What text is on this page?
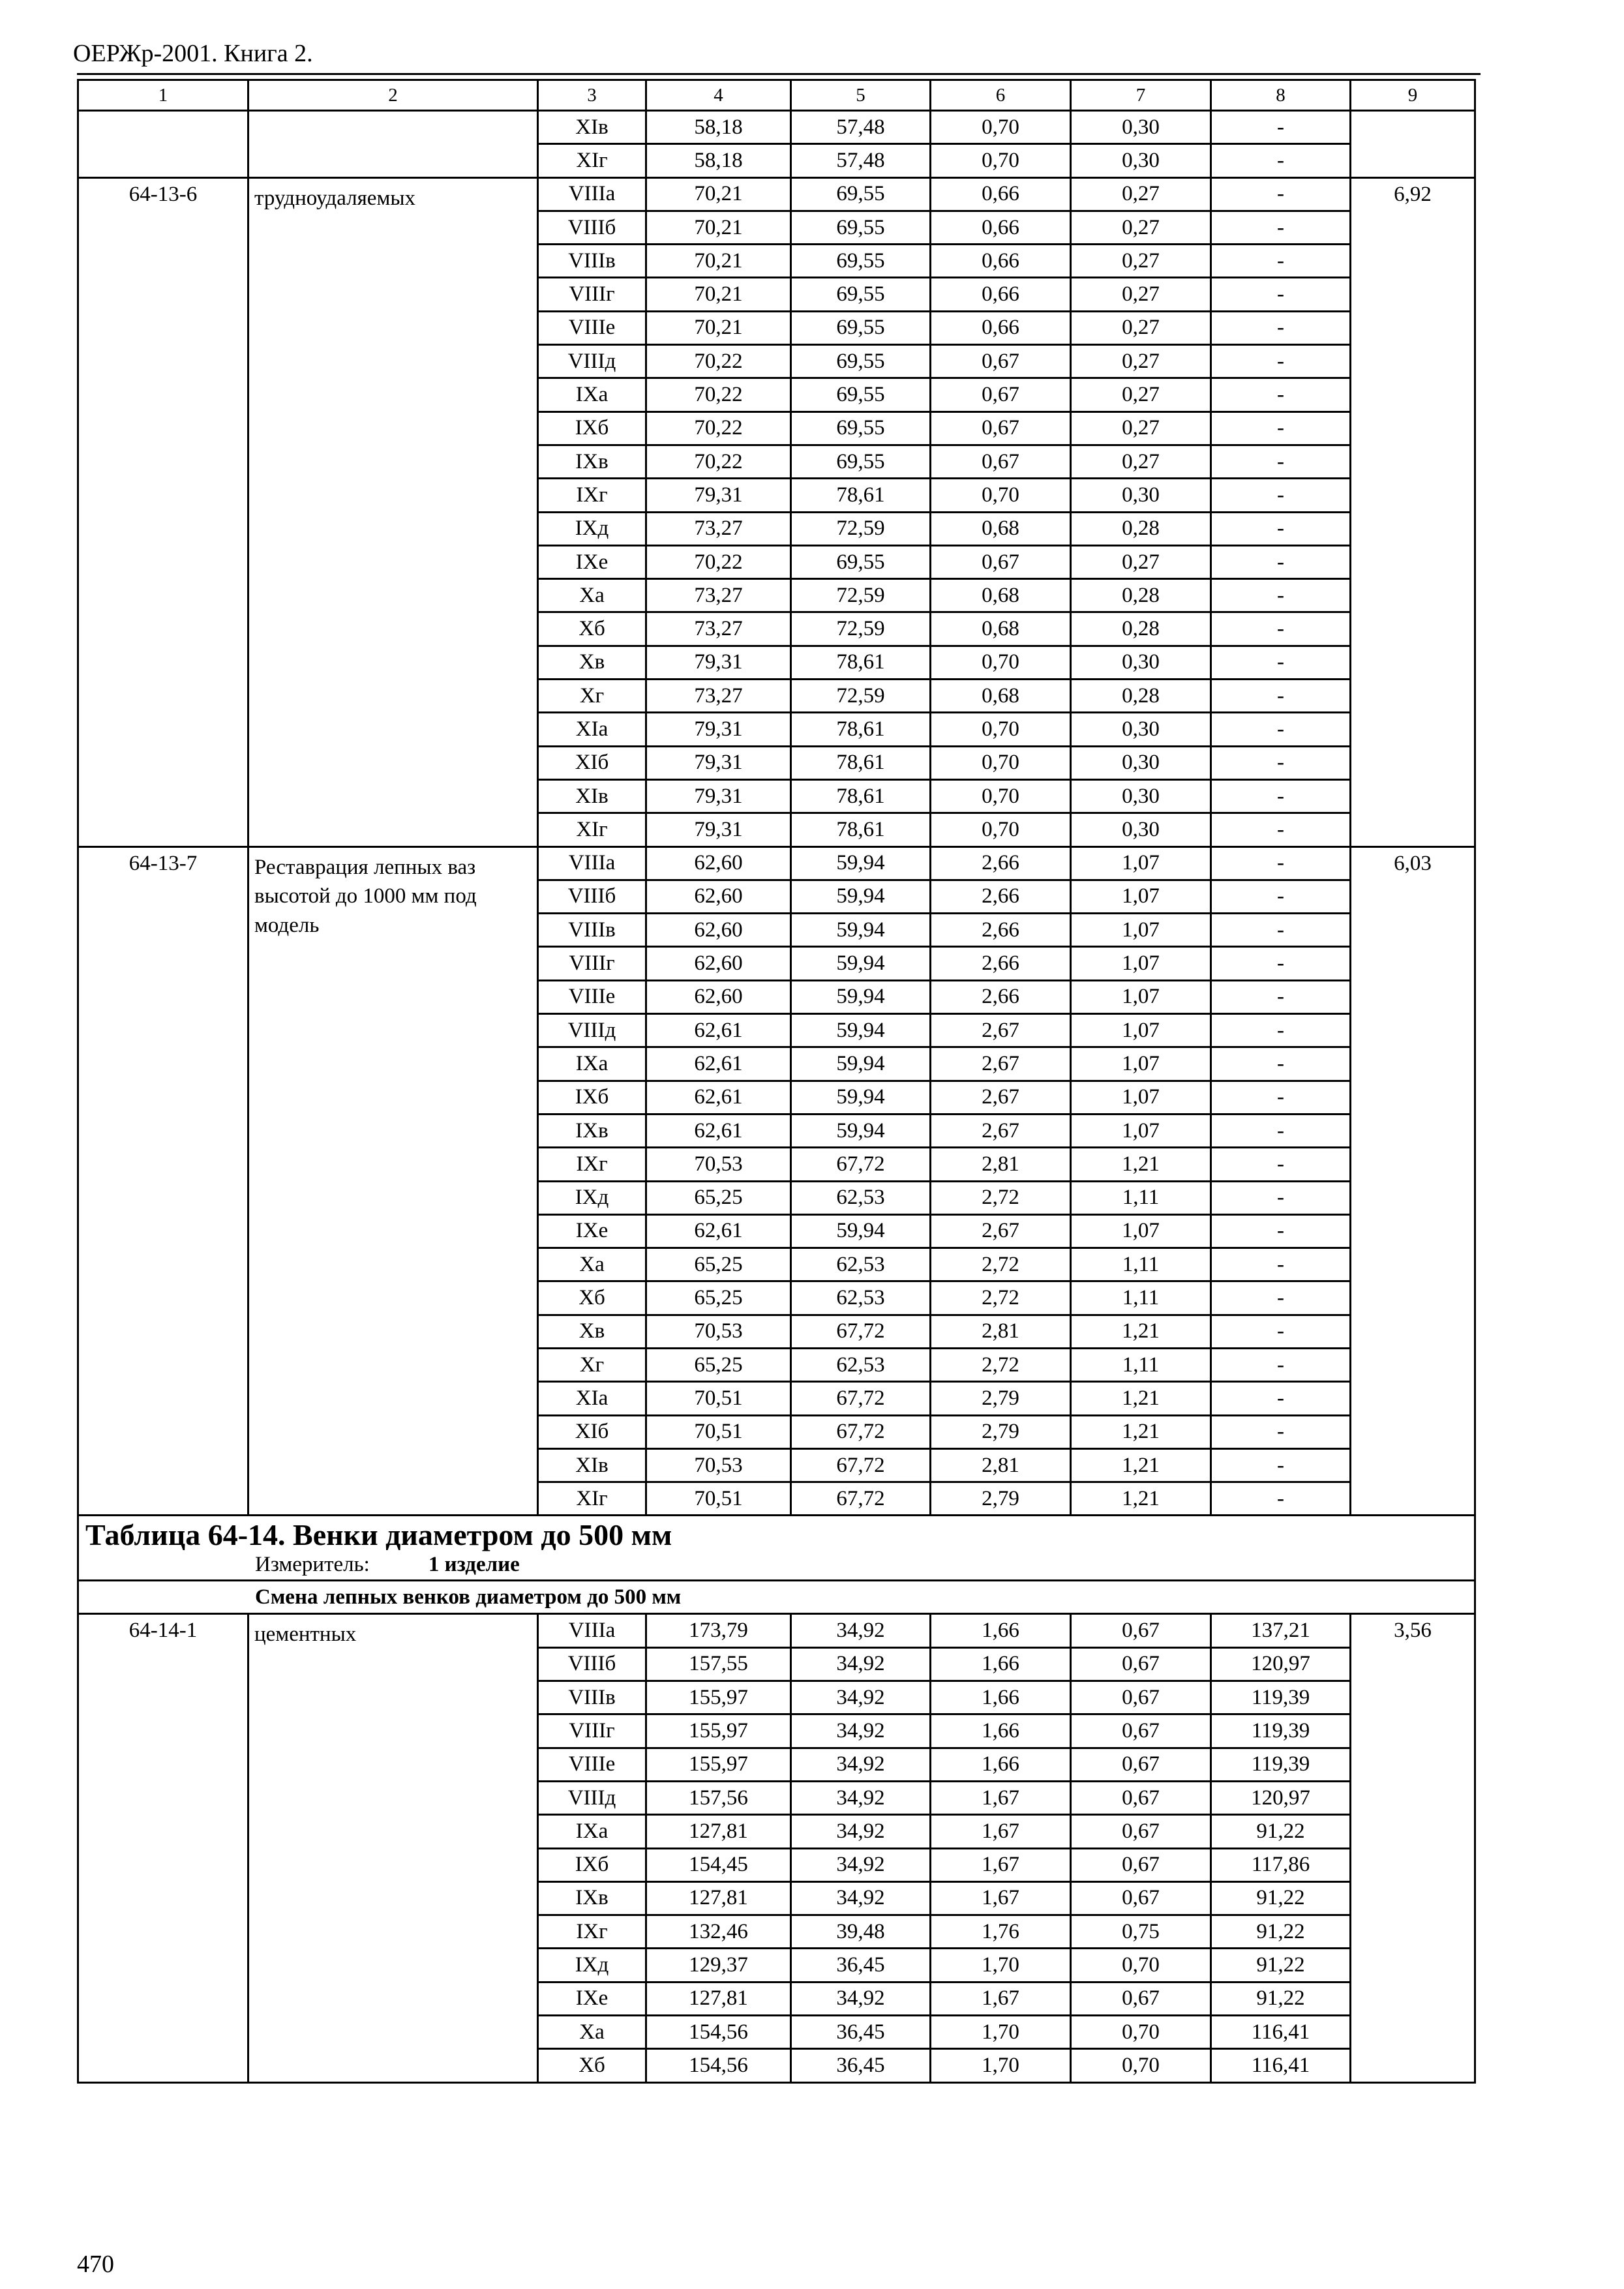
ОЕРЖр-2001. Книга 2.
1	2	3	4	5	6	7	8	9
		XIв	58,18	57,48	0,70	0,30	-	
		XIг	58,18	57,48	0,70	0,30	-	
64-13-6	трудноудаляемых	VIIIа	70,21	69,55	0,66	0,27	-	6,92
		VIIIб	70,21	69,55	0,66	0,27	-	
		VIIIв	70,21	69,55	0,66	0,27	-	
		VIIIг	70,21	69,55	0,66	0,27	-	
		VIIIе	70,21	69,55	0,66	0,27	-	
		VIIIд	70,22	69,55	0,67	0,27	-	
		IXа	70,22	69,55	0,67	0,27	-	
		IXб	70,22	69,55	0,67	0,27	-	
		IXв	70,22	69,55	0,67	0,27	-	
		IXг	79,31	78,61	0,70	0,30	-	
		IXд	73,27	72,59	0,68	0,28	-	
		IXе	70,22	69,55	0,67	0,27	-	
		Xа	73,27	72,59	0,68	0,28	-	
		Xб	73,27	72,59	0,68	0,28	-	
		Xв	79,31	78,61	0,70	0,30	-	
		Xг	73,27	72,59	0,68	0,28	-	
		XIа	79,31	78,61	0,70	0,30	-	
		XIб	79,31	78,61	0,70	0,30	-	
		XIв	79,31	78,61	0,70	0,30	-	
		XIг	79,31	78,61	0,70	0,30	-	
64-13-7	Реставрация лепных ваз высотой до 1000 мм под модель	VIIIа	62,60	59,94	2,66	1,07	-	6,03
		VIIIб	62,60	59,94	2,66	1,07	-	
		VIIIв	62,60	59,94	2,66	1,07	-	
		VIIIг	62,60	59,94	2,66	1,07	-	
		VIIIе	62,60	59,94	2,66	1,07	-	
		VIIIд	62,61	59,94	2,67	1,07	-	
		IXа	62,61	59,94	2,67	1,07	-	
		IXб	62,61	59,94	2,67	1,07	-	
		IXв	62,61	59,94	2,67	1,07	-	
		IXг	70,53	67,72	2,81	1,21	-	
		IXд	65,25	62,53	2,72	1,11	-	
		IXе	62,61	59,94	2,67	1,07	-	
		Xа	65,25	62,53	2,72	1,11	-	
		Xб	65,25	62,53	2,72	1,11	-	
		Xв	70,53	67,72	2,81	1,21	-	
		Xг	65,25	62,53	2,72	1,11	-	
		XIа	70,51	67,72	2,79	1,21	-	
		XIб	70,51	67,72	2,79	1,21	-	
		XIв	70,53	67,72	2,81	1,21	-	
		XIг	70,51	67,72	2,79	1,21	-	

Таблица 64-14. Венки диаметром до 500 мм
Измеритель: 1 изделие								

Смена лепных венков диаметром до 500 мм								
64-14-1	цементных	VIIIа	173,79	34,92	1,66	0,67	137,21	3,56
		VIIIб	157,55	34,92	1,66	0,67	120,97	
		VIIIв	155,97	34,92	1,66	0,67	119,39	
		VIIIг	155,97	34,92	1,66	0,67	119,39	
		VIIIе	155,97	34,92	1,66	0,67	119,39	
		VIIIд	157,56	34,92	1,67	0,67	120,97	
		IXа	127,81	34,92	1,67	0,67	91,22	
		IXб	154,45	34,92	1,67	0,67	117,86	
		IXв	127,81	34,92	1,67	0,67	91,22	
		IXг	132,46	39,48	1,76	0,75	91,22	
		IXд	129,37	36,45	1,70	0,70	91,22	
		IXе	127,81	34,92	1,67	0,67	91,22	
		Xа	154,56	36,45	1,70	0,70	116,41	
		Xб	154,56	36,45	1,70	0,70	116,41	
470
